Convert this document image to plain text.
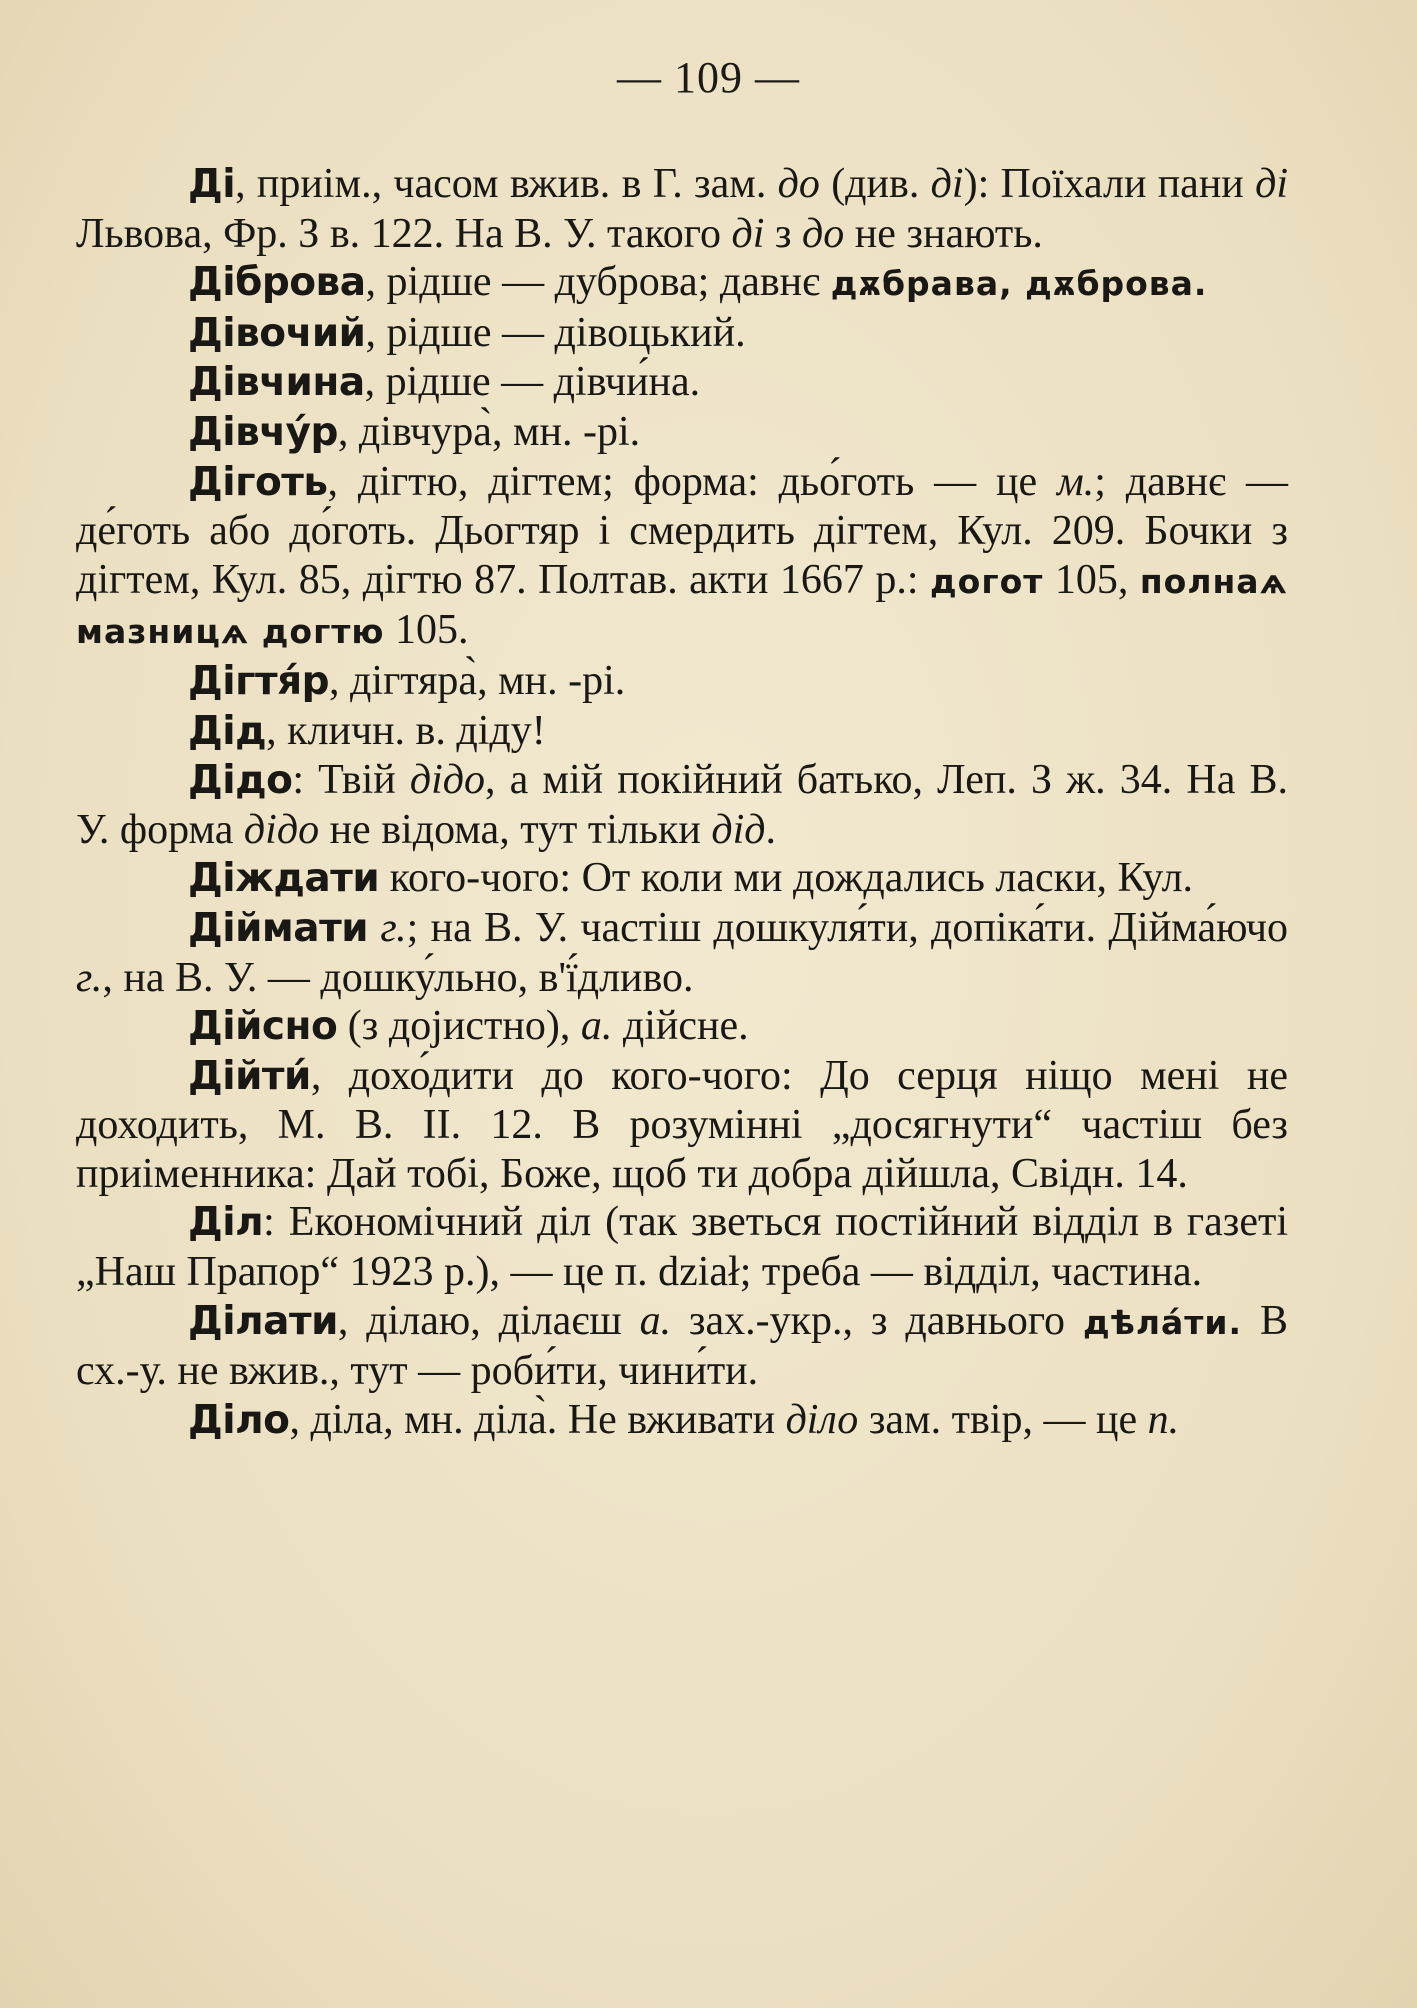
— 109 —

Ді, приім., часом вжив. в Г. зам. до (див. ді): Поїхали пани ді Львова, Фр. З в. 122. На В. У. такого ді з до не знають.

Діброва, рідше — дуброва; давнє дѫбрава, дѫброва.

Дівочий, рідше — дівоцький.

Дівчина, рідше — дівчи́на.

Дівчу́р, дівчура̀, мн. -рі.

Діготь, дігтю, дігтем; форма: дьо́готь — це м.; давнє — де́готь або до́готь. Дьогтяр і смердить дігтем, Кул. 209. Бочки з дігтем, Кул. 85, дігтю 87. Полтав. акти 1667 р.: догот 105, полнаѧ мазницѧ догтю 105.

Дігтя́р, дігтяра̀, мн. -рі.

Дід, кличн. в. діду!

Дідо: Твій дідо, а мій покійний батько, Леп. З ж. 34. На В. У. форма дідо не відома, тут тільки дід.

Діждати кого-чого: От коли ми дождались ласки, Кул.

Діймати г.; на В. У. частіш дошкуля́ти, допіка́ти. Дійма́ючо г., на В. У. — дошку́льно, в'ї́дливо.

Дійсно (з доjистно), а. дійсне.

Дійти́, дохо́дити до кого-чого: До серця ніщо мені не доходить, М. В. II. 12. В розумінні „досягнути“ частіш без приіменника: Дай тобі, Боже, щоб ти добра дійшла, Свідн. 14.

Діл: Економічний діл (так зветься постійний відділ в газеті „Наш Прапор“ 1923 р.), — це п. dział; треба — відділ, частина.

Ділати, ділаю, ділаєш а. зах.-укр., з давнього дѣла́ти. В сх.-у. не вжив., тут — роби́ти, чини́ти.

Діло, діла, мн. діла̀. Не вживати діло зам. твір, — це п.
